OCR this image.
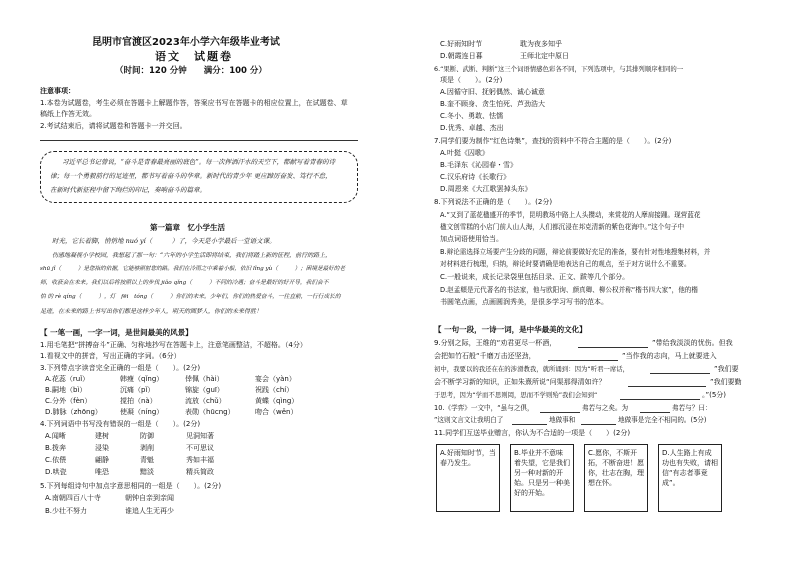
昆明市官渡区2023年小学六年级毕业考试
语文　试题卷
（时间：120 分钟　　满分：100 分）
注意事项：
1.本卷为试题卷，考生必须在答题卡上解题作答，答案应书写在答题卡的相应位置上，在试题卷、草
稿纸上作答无效。
2.考试结束后，请将试题卷和答题卡一并交回。
习近平总书记曾说，“奋斗是青春最亮丽的底色”。每一次挥洒汗水的天空下，都献写着青春的诗
律；每一个勇毅前行的足迹里，都书写着奋斗的华章。新时代的青少年 更应踔厉奋发、笃行不怠，
在新时代新征程中留下绚烂的印记，奏响奋斗的篇章。
第一篇章　忆小学生活
时光，它长着脚，悄悄地 nuó yí（　　　）了，今天是小学最后一堂语文课。
伤感地凝视小学校园，我想起了那一句：“六年的小学生活即将结束，我们将踏上新的征程，前行的路上，
shū jǐ（　　　）是您指的依据，它能够照射您的路。我们在冷雨之中乘着小船，依旧 lǐng yù（　　　）；困境是最好的老
师，收获会在未来。我们以后将按照以上的步伐 jiǎo qǐng（　　　）不同的冷遇；奋斗是最好的好开导，我们会不
怕 的 rè qíng（　　　），灯　fēi　tóng（　　　）你们的未来。少年们，你们的热爱奋斗，一往直前，一行行成长的
足迹，在未来的路上书写出你们都是这样少年人，明天的圆梦人，你们的未来得胜！
【 一笔一画，一字一词，是世间最美的风景】
1.用毛笔把“拼搏奋斗”正确、匀称地抄写在答题卡上，注意笔画整洁，不超格。（4分）
1.看视文中的拼音，写出正确的字词。（6分）
3.下列带点字读音完全正确的一组是（　　）。(2分)
A.花蕊（ruǐ）	韩瘦（qǐng）	倖佩（hài）	宴会（yàn）
B.嗣地（bì）	沉痛（pǐ）	锦旋（guī）	祝践（chí）
C.分外（fèn）	搅拍（nà）	流放（chǔ）	黄蝶（qìng）
D.肺脉（zhōng）	使凝（níng）	表勋（hūcng）	吻合（wěn）
4.下列词语中书写没有错误的一组是（　　）。(2分)
A.闻晰	建树	防御	见洞知著
B.拨奔	浸染	剥削	不可思议
C.依偎	翩静	青魁	秀如丰福
D.哄瓷	唯恐	黯淡	精兵简政
5.下列每组诗句中加点字意思相同的一组是（　　）。(2分)
A.南朝四百八十寺	朝钟自亲到亲闻
B.少壮不努力	谁追人生无再少
C.好雨知时节	耽为夜多知乎
D.朝霞连日暮	王师北定中原日
6.“果断、武断、判断”这三个词语情感色彩各不同，下列选项中，与其排列顺序相同的一
项是（　　）。(2分)
A.因循守旧、抚躬偶然、诚心诚意
B.奎不顾身、贪生怕死、芦劲浩大
C.冬小、勇敢、怯懦
D.优秀、卓越、杰出
7.同学们要为制作“红色诗集”，查找的资料中不符合主题的是（　　）。(2分)
A.叶挺《囚歌》
B.毛泽东《沁园春・雪》
C.汉乐府诗《长歌行》
D.周恩来《大江歌罢掉头东》
8.下列说法不正确的是（　　）。(2分)
A.“又到了蓝花楹盛开的季节，昆明教场中路上人头攒动，来赏花的人摩肩接踵。现营蓝花
楹文创雪糕的小店门前人山人海，人们都沉浸在邦克清新的紫色花海中。”这个句子中
加点词语使用恰当。
B.辩论需选择立场要产生分歧的问题，辩论前要做好充足的准备，要有针对性地搜集材料，并
对材料进行梳理，归纳，辩论时要请确是地表达自己的观点，至于对方说什么不重要。
C.一般说来，成长记录袋里包括目录、正文、跋等几个部分。
D.赵孟頫是元代著名的书法家，他与欧阳询、颜真卿、柳公权并称“楷书四大家”，他的楷
书圆笔点画，点画圆润秀美，是很多学习写书的范本。
【 一句一段，一诗一词，是中华最美的文化】
9.分别之际，王维的“劝君更尽一杯酒，	”带给我淡淡的忧伤。但我
会把如竹石般“千磨万击还坚劲，	”当作我的志向，马上就要进入
初中，我要以的我还在在的涉滑教我，就所诵到：因为“听君一席话，	”我们要
会不断学习新的知识，正如朱熹所说“问渠那得清如许？	”我们要勤
于思考，因为“学而不思则罔，思而不学则殆”我们会知到“	。”(5分)
10.《学弈》一文中，“虽与之俱，	弗若与之矣。为	弗若与？曰：
”这则文言文让我明白了	地做事和	地做事是完全不相同的。(5分)
11.同学们互送毕业赠言，你认为不合适的一项是（　　）(2分)
A.好雨知时节，当春乃发生。
B.毕业并不意味着失望，它是我们另一种对新的开始。只是另一种美好的开始。
C.愿你，不斯开拓，不断奋进！愿你，壮志在胸，理想在怀。
D.人生路上有成功也有失败，请相信“有志者事竟成”。
